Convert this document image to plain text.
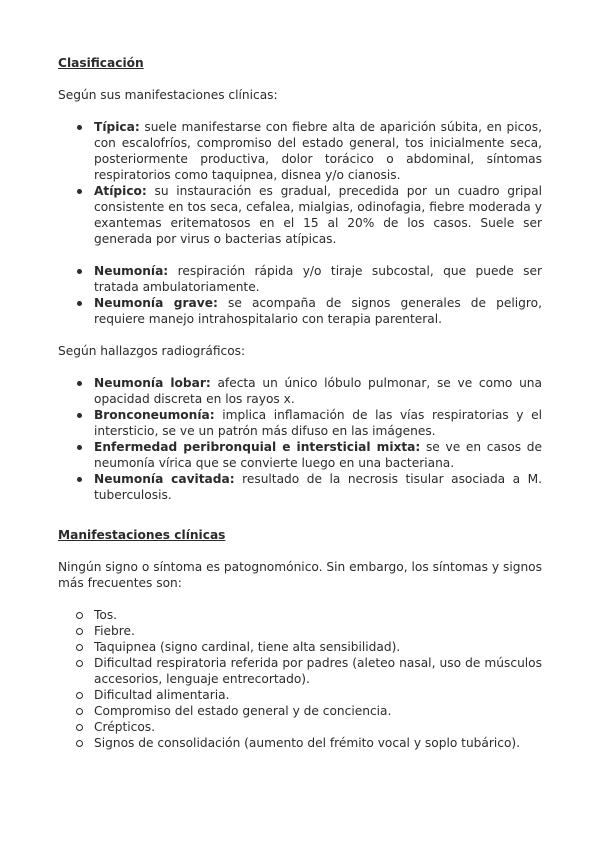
Clasificación

Según sus manifestaciones clínicas:

Típica: suele manifestarse con fiebre alta de aparición súbita, en picos, con escalofríos, compromiso del estado general, tos inicialmente seca, posteriormente productiva, dolor torácico o abdominal, síntomas respiratorios como taquipnea, disnea y/o cianosis.
Atípico: su instauración es gradual, precedida por un cuadro gripal consistente en tos seca, cefalea, mialgias, odinofagia, fiebre moderada y exantemas eritematosos en el 15 al 20% de los casos. Suele ser generada por virus o bacterias atípicas.
Neumonía: respiración rápida y/o tiraje subcostal, que puede ser tratada ambulatoriamente.
Neumonía grave: se acompaña de signos generales de peligro, requiere manejo intrahospitalario con terapia parenteral.

Según hallazgos radiográficos:

Neumonía lobar: afecta un único lóbulo pulmonar, se ve como una opacidad discreta en los rayos x.
Bronconeumonía: implica inflamación de las vías respiratorias y el intersticio, se ve un patrón más difuso en las imágenes.
Enfermedad peribronquial e intersticial mixta: se ve en casos de neumonía vírica que se convierte luego en una bacteriana.
Neumonía cavitada: resultado de la necrosis tisular asociada a M. tuberculosis.

Manifestaciones clínicas

Ningún signo o síntoma es patognomónico. Sin embargo, los síntomas y signos más frecuentes son:

Tos.
Fiebre.
Taquipnea (signo cardinal, tiene alta sensibilidad).
Dificultad respiratoria referida por padres (aleteo nasal, uso de músculos accesorios, lenguaje entrecortado).
Dificultad alimentaria.
Compromiso del estado general y de conciencia.
Crépticos.
Signos de consolidación (aumento del frémito vocal y soplo tubárico).
